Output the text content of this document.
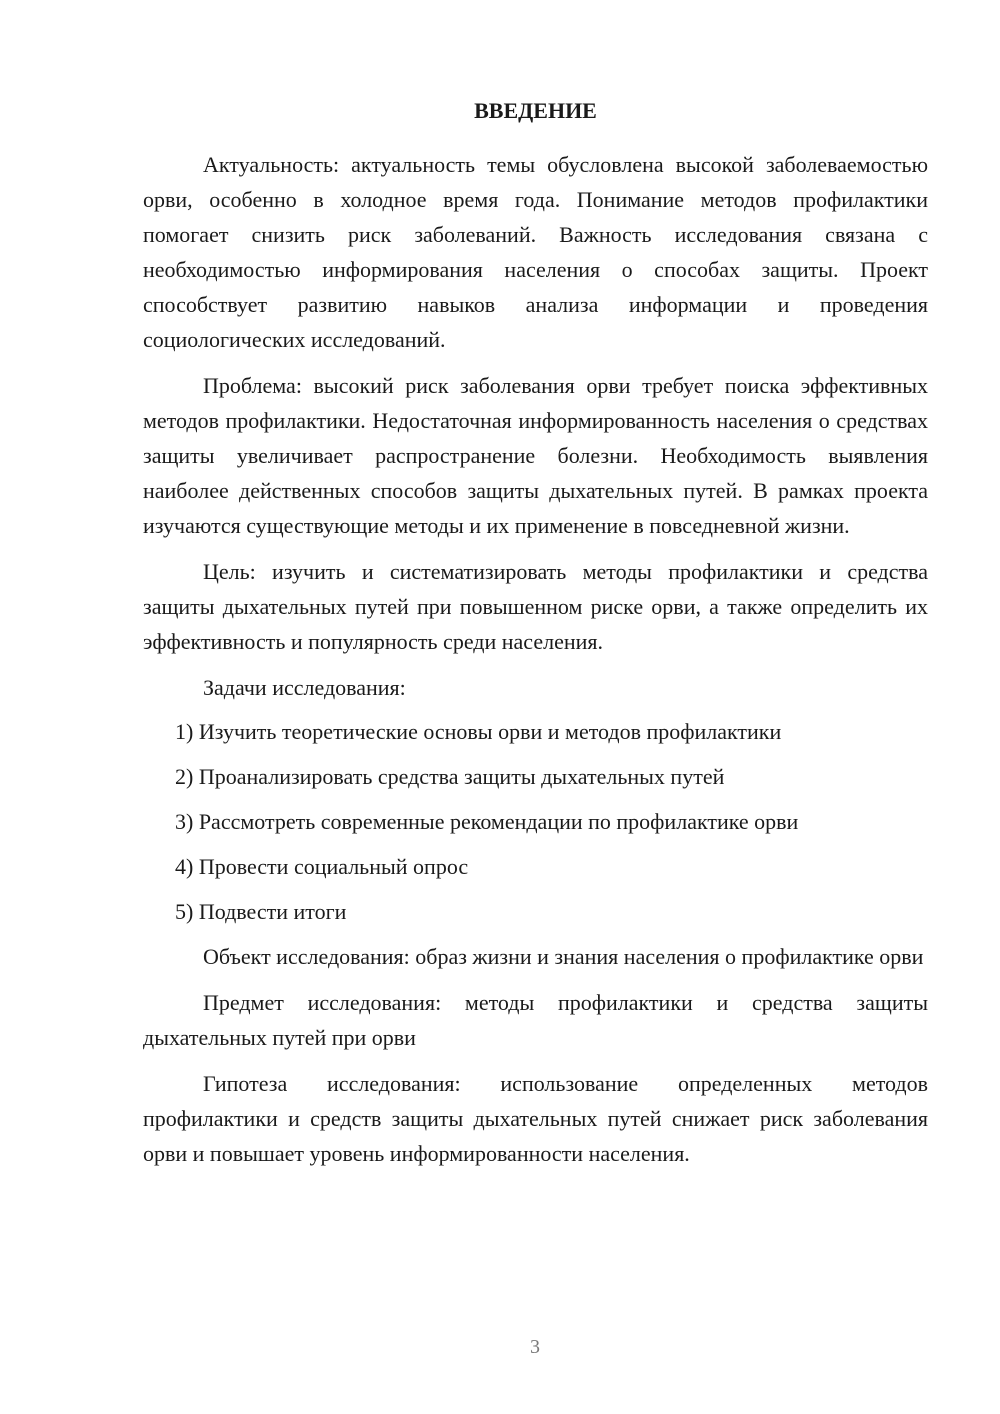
ВВЕДЕНИЕ

Актуальность: актуальность темы обусловлена высокой заболеваемостью орви, особенно в холодное время года. Понимание методов профилактики помогает снизить риск заболеваний. Важность исследования связана с необходимостью информирования населения о способах защиты. Проект способствует развитию навыков анализа информации и проведения социологических исследований.

Проблема: высокий риск заболевания орви требует поиска эффективных методов профилактики. Недостаточная информированность населения о средствах защиты увеличивает распространение болезни. Необходимость выявления наиболее действенных способов защиты дыхательных путей. В рамках проекта изучаются существующие методы и их применение в повседневной жизни.

Цель: изучить и систематизировать методы профилактики и средства защиты дыхательных путей при повышенном риске орви, а также определить их эффективность и популярность среди населения.

Задачи исследования:

1) Изучить теоретические основы орви и методов профилактики
2) Проанализировать средства защиты дыхательных путей
3) Рассмотреть современные рекомендации по профилактике орви
4) Провести социальный опрос
5) Подвести итоги

Объект исследования: образ жизни и знания населения о профилактике орви

Предмет исследования: методы профилактики и средства защиты дыхательных путей при орви

Гипотеза исследования: использование определенных методов профилактики и средств защиты дыхательных путей снижает риск заболевания орви и повышает уровень информированности населения.

3
